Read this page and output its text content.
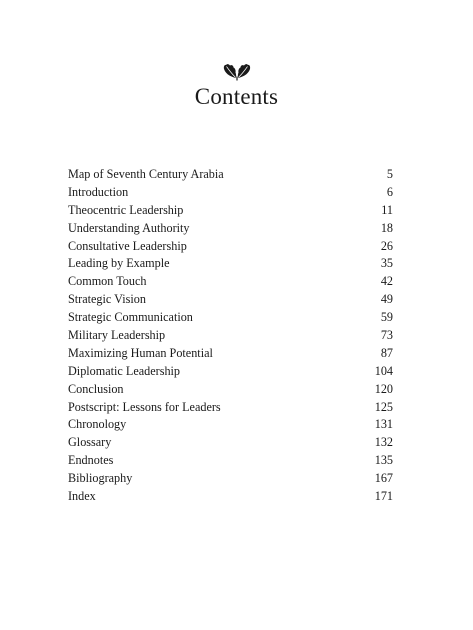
Contents
Map of Seventh Century Arabia	5
Introduction	6
Theocentric Leadership	11
Understanding Authority	18
Consultative Leadership	26
Leading by Example	35
Common Touch	42
Strategic Vision	49
Strategic Communication	59
Military Leadership	73
Maximizing Human Potential	87
Diplomatic Leadership	104
Conclusion	120
Postscript: Lessons for Leaders	125
Chronology	131
Glossary	132
Endnotes	135
Bibliography	167
Index	171
